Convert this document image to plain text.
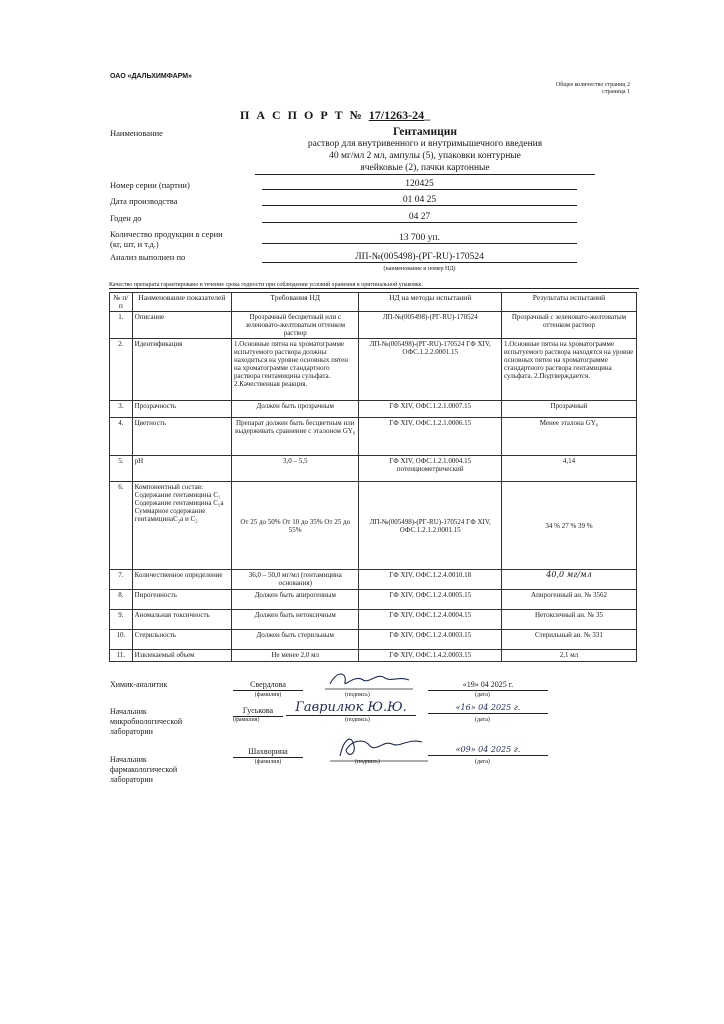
ОАО «ДАЛЬХИМФАРМ»
Общее количество страниц 2
страница 1
П А С П О Р Т № 17/1263-24_
Наименование	Гентамицин
раствор для внутривенного и внутримышечного введения
40 мг/мл 2 мл, ампулы (5), упаковки контурные
ячейковые (2), пачки картонные
Номер серии (партии)	120425
Дата производства	01 04 25
Годен до	04 27
Количество продукции в серии
(кг, шт, и т.д.)
13 700 уп.
Анализ выполнен по	ЛП-№(005498)-(РГ-RU)-170524
(наименование и номер НД)
Качество препарата гарантировано в течение срока годности при соблюдении условий хранения в оригинальной упаковке.
№ п/п	Наименование показателей	Требования НД	НД на методы испытаний	Результаты испытаний
1.	Описание	Прозрачный бесцветный или с зеленовато-желтоватым оттенком раствор	ЛП-№(005498)-(РГ-RU)-170524	Прозрачный с зеленовато-желтоватым оттенком раствор
2.	Идентификация	1.Основные пятна на хроматограмме испытуемого раствора должны находиться на уровне основных пятен на хроматограмме стандартного раствора гентамицина сульфата. 2.Качественная реакция.	ЛП-№(005498)-(РГ-RU)-170524 ГФ XIV, ОФС.1.2.2.0001.15	1.Основные пятна на хроматограмме испытуемого раствора находятся на уровне основных пятен на хроматограмме стандартного раствора гентамицина сульфата. 2.Подтверждается.
3.	Прозрачность	Должен быть прозрачным	ГФ XIV, ОФС.1.2.1.0007.15	Прозрачный
4.	Цветность	Препарат должен быть бесцветным или выдерживать сравнение с эталоном GY₆	ГФ XIV, ОФС.1.2.1.0006.15	Менее эталона GY₆
5.	pH	3,0 – 5,5	ГФ XIV, ОФС.1.2.1.0004.15 потенциометрический	4,14
6.	Компонентный состав: Содержание гентамицина C₁ Содержание гентамицина C₁a Суммарное содержание гентамицинаC₂a и C₂	От 25 до 50% От 10 до 35% От 25 до 55%	ЛП-№(005498)-(РГ-RU)-170524 ГФ XIV, ОФС.1.2.1.2.0001.15	34 % 27 % 39 %
7.	Количественное определение	36,0 – 50,0 мг/мл (гентамицина основания)	ГФ XIV, ОФС.1.2.4.0010.18	40,0 мг/мл
8.	Пирогенность	Должен быть апирогенным	ГФ XIV, ОФС.1.2.4.0005.15	Апирогенный ан. № 3562
9.	Аномальная токсичность	Должен быть нетоксичным	ГФ XIV, ОФС.1.2.4.0004.15	Нетоксичный ан. № 35
10.	Стерильность	Должен быть стерильным	ГФ XIV, ОФС.1.2.4.0003.15	Стерильный ан. № 331
11.	Извлекаемый объем	Не менее 2,0 мл	ГФ XIV, ОФС.1.4.2.0003.15	2,1 мл
Химик-аналитик	Свердлова
(фамилия)	(подпись)
«19» 04 2025 г.
(дата)
Начальник
микробиологической
лаборатории
Гуськова
(фамилия)
Гаврилюк Ю.Ю.
(подпись)
«16» 04 2025 г.
(дата)
Начальник
фармакологической
лаборатории
Шахворина
(фамилия)	(подпись)
«09» 04 2025 г.
(дата)
